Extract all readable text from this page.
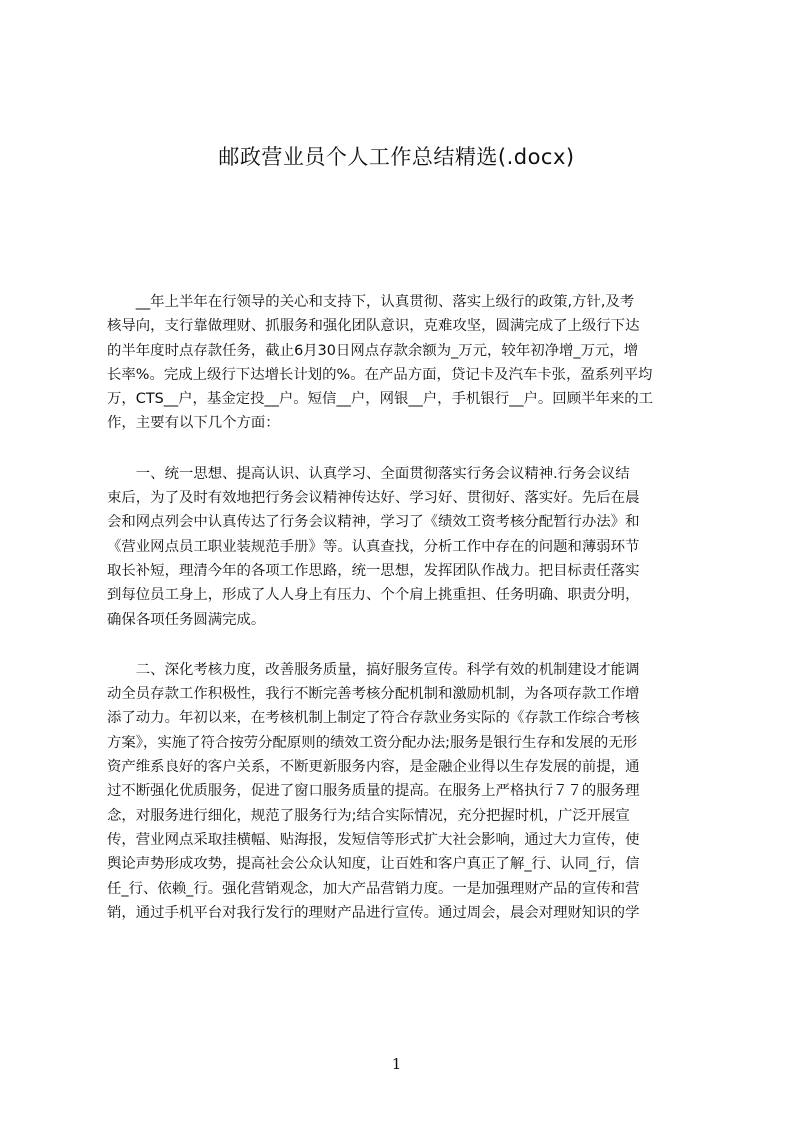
邮政营业员个人工作总结精选(.docx)

　　__年上半年在行领导的关心和支持下，认真贯彻、落实上级行的政策,方针,及考
核导向，支行靠做理财、抓服务和强化团队意识，克难攻坚，圆满完成了上级行下达
的半年度时点存款任务，截止6月30日网点存款余额为_万元，较年初净增_万元，增
长率%。完成上级行下达增长计划的%。在产品方面，贷记卡及汽车卡张，盈系列平均
万，CTS__户，基金定投__户。短信__户，网银__户，手机银行__户。回顾半年来的工
作，主要有以下几个方面：

　　一、统一思想、提高认识、认真学习、全面贯彻落实行务会议精神.行务会议结
束后，为了及时有效地把行务会议精神传达好、学习好、贯彻好、落实好。先后在晨
会和网点列会中认真传达了行务会议精神，学习了《绩效工资考核分配暂行办法》和
《营业网点员工职业装规范手册》等。认真查找，分析工作中存在的问题和薄弱环节
取长补短，理清今年的各项工作思路，统一思想，发挥团队作战力。把目标责任落实
到每位员工身上，形成了人人身上有压力、个个肩上挑重担、任务明确、职责分明，
确保各项任务圆满完成。

　　二、深化考核力度，改善服务质量，搞好服务宣传。科学有效的机制建设才能调
动全员存款工作积极性，我行不断完善考核分配机制和激励机制，为各项存款工作增
添了动力。年初以来，在考核机制上制定了符合存款业务实际的《存款工作综合考核
方案》，实施了符合按劳分配原则的绩效工资分配办法;服务是银行生存和发展的无形
资产维系良好的客户关系，不断更新服务内容，是金融企业得以生存发展的前提，通
过不断强化优质服务，促进了窗口服务质量的提高。在服务上严格执行７７的服务理
念，对服务进行细化，规范了服务行为;结合实际情况，充分把握时机，广泛开展宣
传，营业网点采取挂横幅、贴海报，发短信等形式扩大社会影响，通过大力宣传，使
舆论声势形成攻势，提高社会公众认知度，让百姓和客户真正了解_行、认同_行，信
任_行、依赖_行。强化营销观念，加大产品营销力度。一是加强理财产品的宣传和营
销，通过手机平台对我行发行的理财产品进行宣传。通过周会，晨会对理财知识的学

1
